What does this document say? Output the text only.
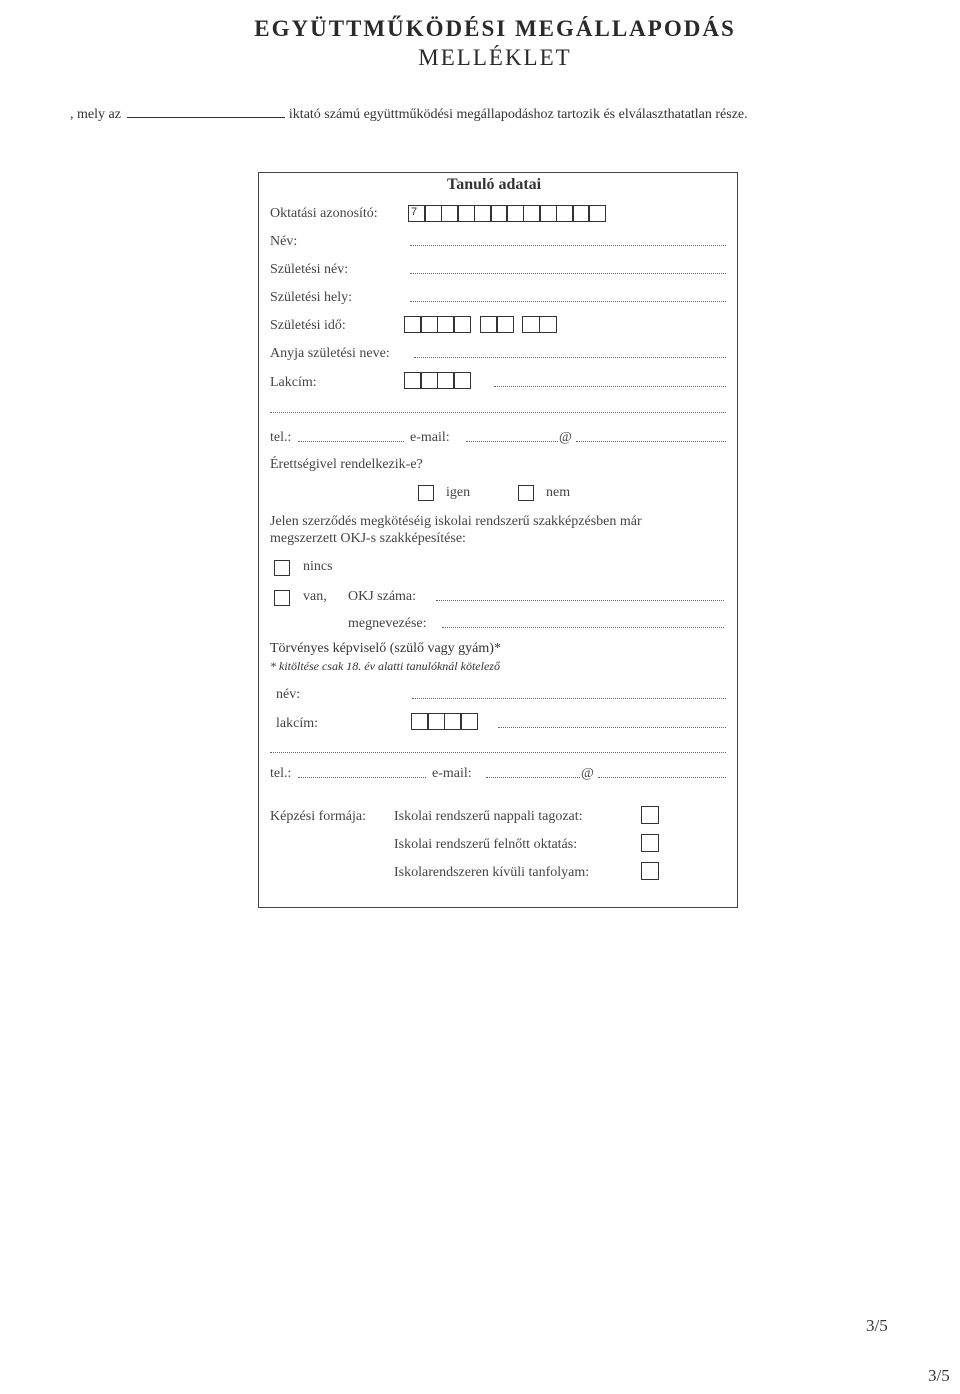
EGYÜTTMŰKÖDÉSI MEGÁLLAPODÁS
MELLÉKLET
, mely az	iktató számú együttműködési megállapodáshoz tartozik és elválaszthatatlan része.
Tanuló adatai
Oktatási azonosító:	7
Név:
Születési név:
Születési hely:
Születési idő:
Anyja születési neve:
Lakcím:
tel.:	e-mail:	@
Érettségivel rendelkezik-e?
igen	nem
Jelen szerződés megkötéséig iskolai rendszerű szakképzésben már
megszerzett OKJ-s szakképesítése:
nincs
van, OKJ száma:
megnevezése:
Törvényes képviselő (szülő vagy gyám)*
* kitöltése csak 18. év alatti tanulóknál kötelező
név:
lakcím:
tel.:	e-mail:	@
Képzési formája: Iskolai rendszerű nappali tagozat:
Iskolai rendszerű felnőtt oktatás:
Iskolarendszeren kívüli tanfolyam:
3/5
3/5
